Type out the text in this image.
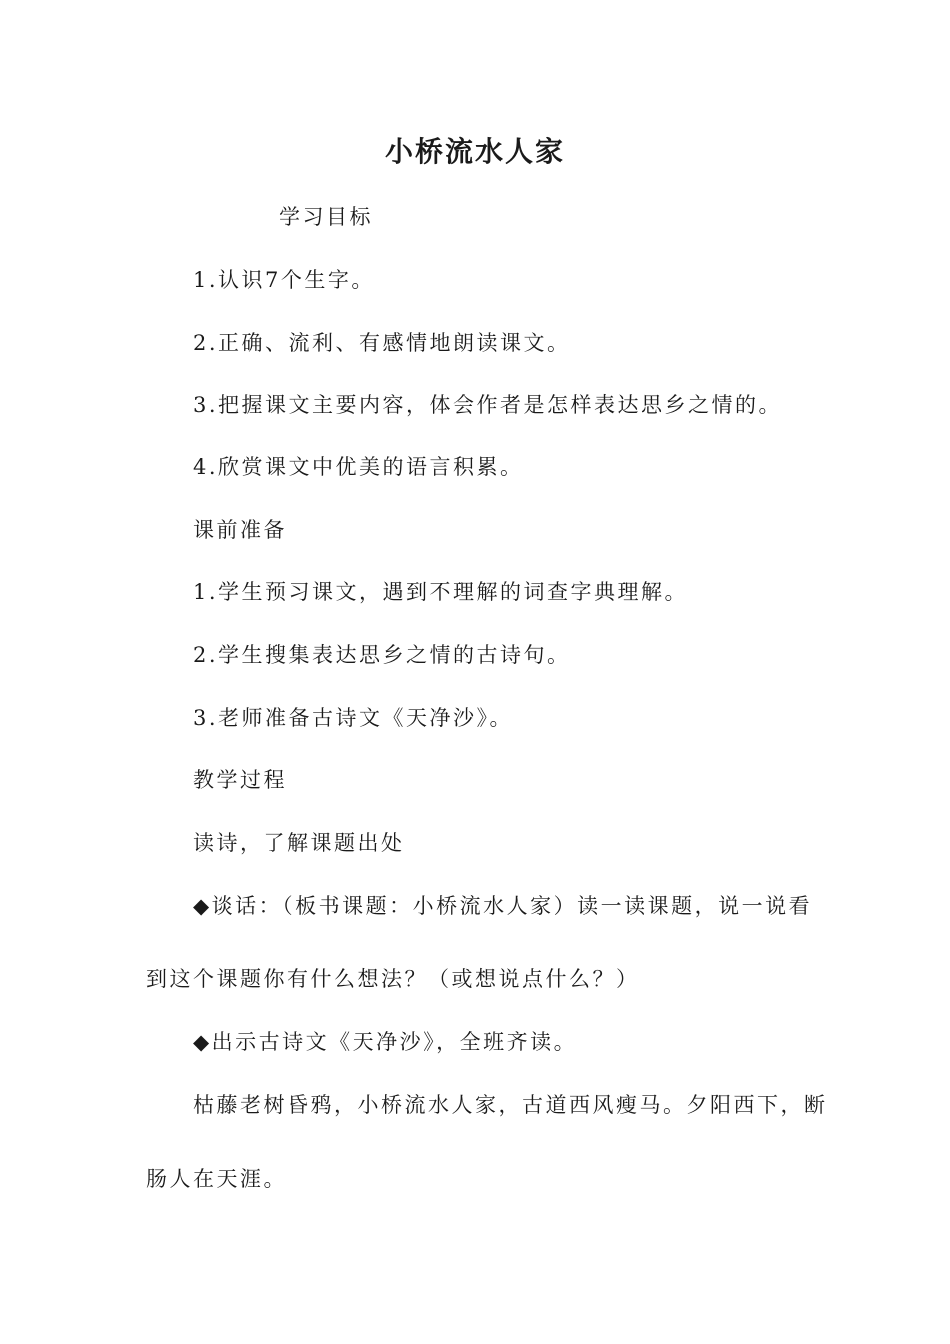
小桥流水人家
学习目标
1.认识7个生字。
2.正确、流利、有感情地朗读课文。
3.把握课文主要内容，体会作者是怎样表达思乡之情的。
4.欣赏课文中优美的语言积累。
课前准备
1.学生预习课文，遇到不理解的词查字典理解。
2.学生搜集表达思乡之情的古诗句。
3.老师准备古诗文《天净沙》。
教学过程
读诗，了解课题出处
◆谈话：（板书课题：小桥流水人家）读一读课题，说一说看
到这个课题你有什么想法？（或想说点什么？）
◆出示古诗文《天净沙》，全班齐读。
枯藤老树昏鸦，小桥流水人家，古道西风瘦马。夕阳西下，断
肠人在天涯。
